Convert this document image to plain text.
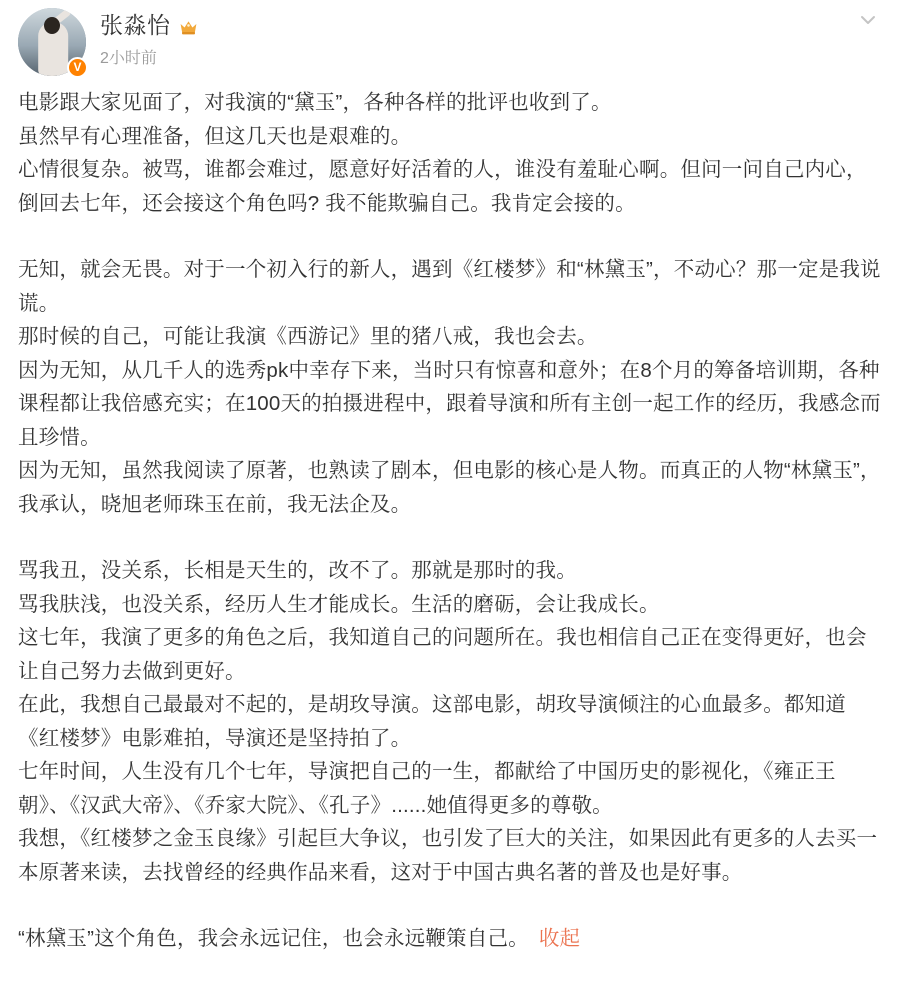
V
张淼怡
2小时前

电影跟大家见面了，对我演的“黛玉”，各种各样的批评也收到了。

虽然早有心理准备，但这几天也是艰难的。

心情很复杂。被骂，谁都会难过，愿意好好活着的人，谁没有羞耻心啊。但问一问自己内心，倒回去七年，还会接这个角色吗? 我不能欺骗自己。我肯定会接的。

无知，就会无畏。对于一个初入行的新人，遇到《红楼梦》和“林黛玉”，不动心？那一定是我说谎。

那时候的自己，可能让我演《西游记》里的猪八戒，我也会去。

因为无知，从几千人的选秀pk中幸存下来，当时只有惊喜和意外；在8个月的筹备培训期，各种课程都让我倍感充实；在100天的拍摄进程中，跟着导演和所有主创一起工作的经历，我感念而且珍惜。

因为无知，虽然我阅读了原著，也熟读了剧本，但电影的核心是人物。而真正的人物“林黛玉”，我承认，晓旭老师珠玉在前，我无法企及。

骂我丑，没关系，长相是天生的，改不了。那就是那时的我。

骂我肤浅，也没关系，经历人生才能成长。生活的磨砺，会让我成长。

这七年，我演了更多的角色之后，我知道自己的问题所在。我也相信自己正在变得更好，也会让自己努力去做到更好。

在此，我想自己最最对不起的，是胡玫导演。这部电影，胡玫导演倾注的心血最多。都知道《红楼梦》电影难拍，导演还是坚持拍了。

七年时间，人生没有几个七年，导演把自己的一生，都献给了中国历史的影视化，《雍正王朝》、《汉武大帝》、《乔家大院》、《孔子》......她值得更多的尊敬。

我想，《红楼梦之金玉良缘》引起巨大争议，也引发了巨大的关注，如果因此有更多的人去买一本原著来读，去找曾经的经典作品来看，这对于中国古典名著的普及也是好事。

“林黛玉”这个角色，我会永远记住，也会永远鞭策自己。 收起
